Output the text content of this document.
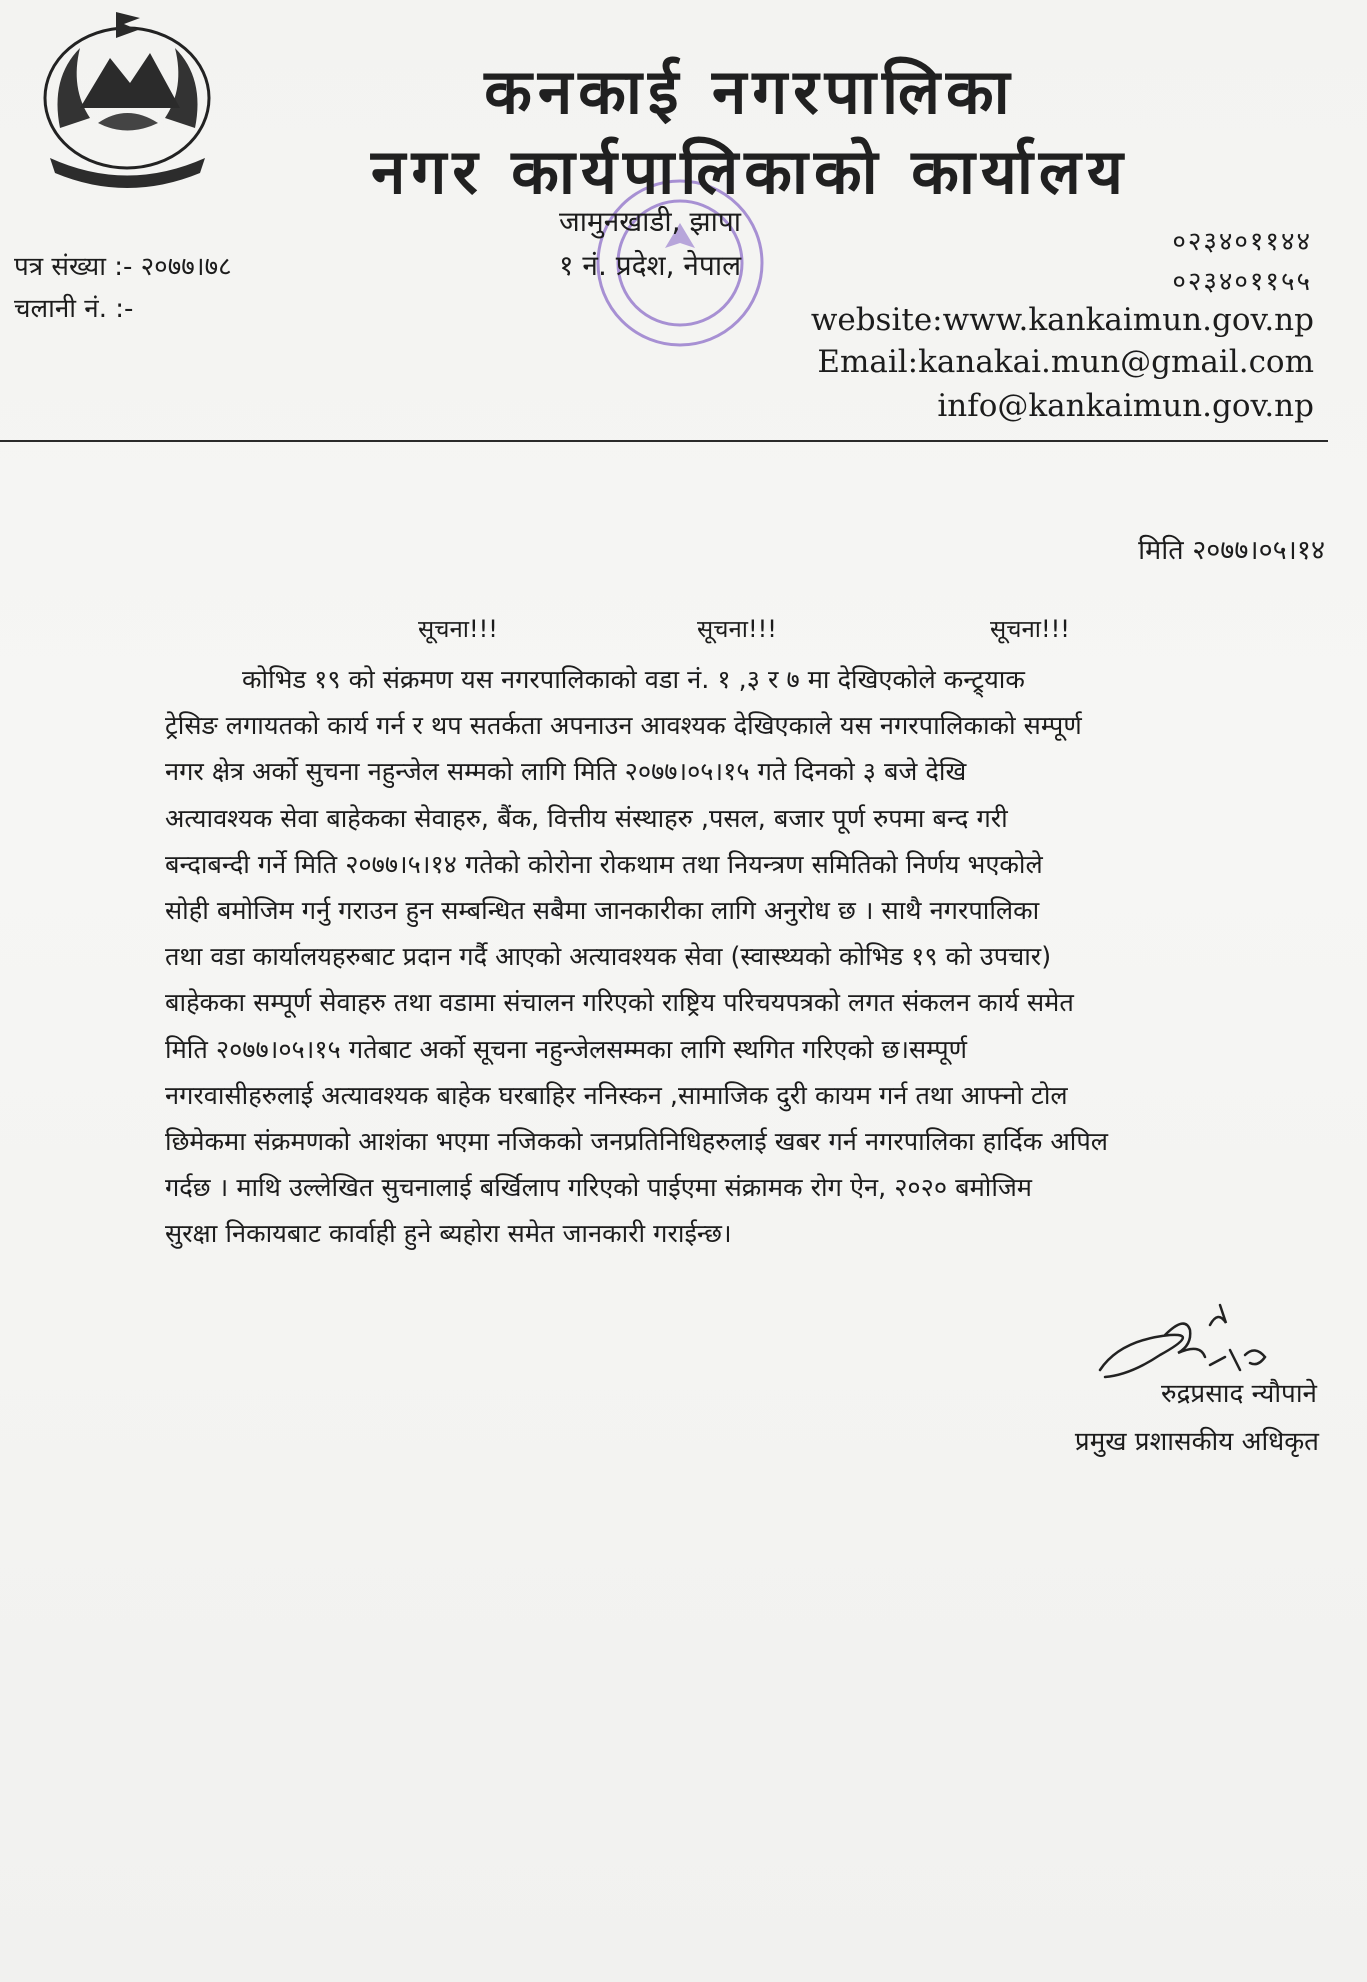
कनकाई नगरपालिका
नगर कार्यपालिकाको कार्यालय
जामुनखाडी, झापा
१ नं. प्रदेश, नेपाल
पत्र संख्या :- २०७७।७८
चलानी नं. :-
०२३४०११४४
०२३४०११५५
website:www.kankaimun.gov.np
Email:kanakai.mun@gmail.com
info@kankaimun.gov.np
मिति २०७७।०५।१४
सूचना!!!	सूचना!!!	सूचना!!!
कोभिड १९ को संक्रमण यस नगरपालिकाको वडा नं. १ ,३ र ७ मा देखिएकोले कन्ट्र्याक
ट्रेसिङ लगायतको कार्य गर्न र थप सतर्कता अपनाउन आवश्यक देखिएकाले यस नगरपालिकाको सम्पूर्ण
नगर क्षेत्र अर्को सुचना नहुन्जेल सम्मको लागि मिति २०७७।०५।१५ गते दिनको ३ बजे देखि
अत्यावश्यक सेवा बाहेकका सेवाहरु, बैंक, वित्तीय संस्थाहरु ,पसल, बजार पूर्ण रुपमा बन्द गरी
बन्दाबन्दी गर्ने मिति २०७७।५।१४ गतेको कोरोना रोकथाम तथा नियन्त्रण समितिको निर्णय भएकोले
सोही बमोजिम गर्नु गराउन हुन सम्बन्धित सबैमा जानकारीका लागि अनुरोध छ । साथै नगरपालिका
तथा वडा कार्यालयहरुबाट प्रदान गर्दै आएको अत्यावश्यक सेवा (स्वास्थ्यको कोभिड १९ को उपचार)
बाहेकका सम्पूर्ण सेवाहरु तथा वडामा संचालन गरिएको राष्ट्रिय परिचयपत्रको लगत संकलन कार्य समेत
मिति २०७७।०५।१५ गतेबाट अर्को सूचना नहुन्जेलसम्मका लागि स्थगित गरिएको छ।सम्पूर्ण
नगरवासीहरुलाई अत्यावश्यक बाहेक घरबाहिर ननिस्कन ,सामाजिक दुरी कायम गर्न तथा आफ्नो टोल
छिमेकमा संक्रमणको आशंका भएमा नजिकको जनप्रतिनिधिहरुलाई खबर गर्न नगरपालिका हार्दिक अपिल
गर्दछ । माथि उल्लेखित सुचनालाई बर्खिलाप गरिएको पाईएमा संक्रामक रोग ऐन, २०२० बमोजिम
सुरक्षा निकायबाट कार्वाही हुने ब्यहोरा समेत जानकारी गराईन्छ।
रुद्रप्रसाद न्यौपाने
प्रमुख प्रशासकीय अधिकृत
